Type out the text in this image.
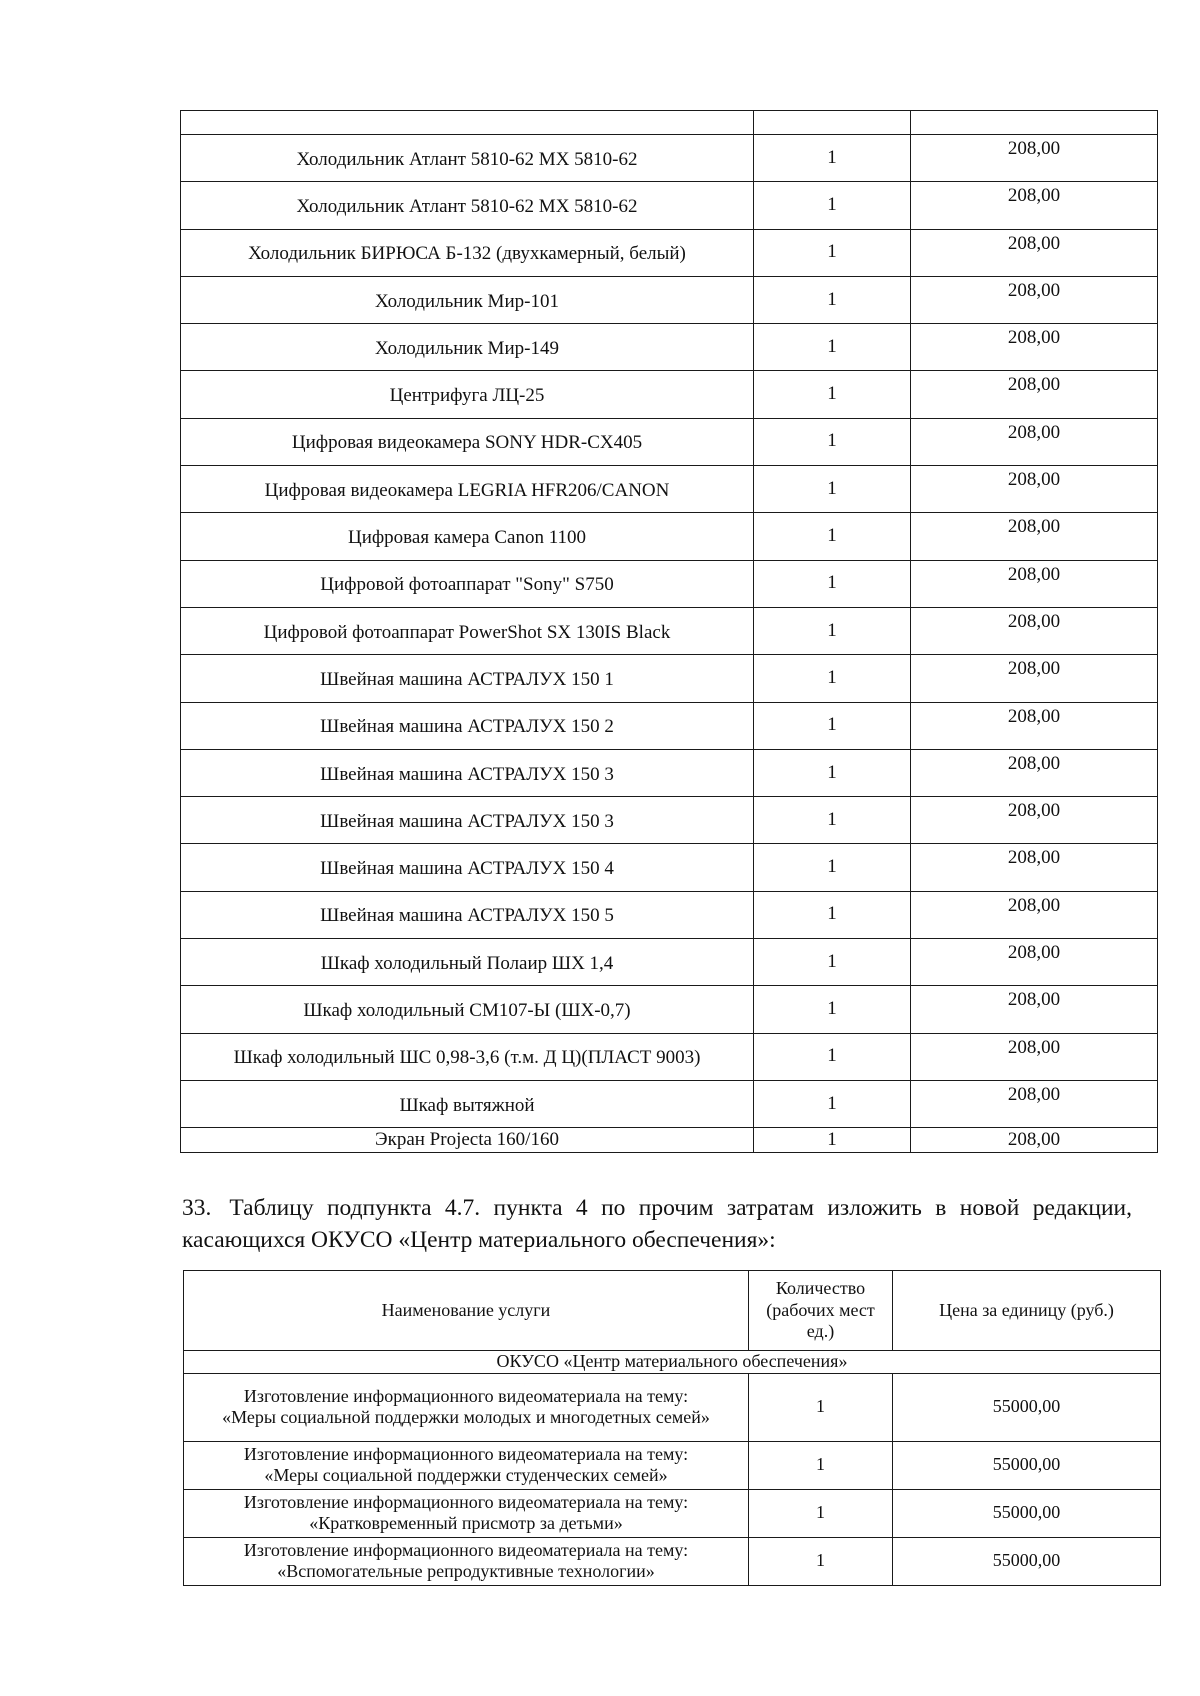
Холодильник Атлант 5810-62 МХ 5810-62	1	208,00
Холодильник Атлант 5810-62 МХ 5810-62	1	208,00
Холодильник БИРЮСА Б-132 (двухкамерный, белый)	1	208,00
Холодильник Мир-101	1	208,00
Холодильник Мир-149	1	208,00
Центрифуга ЛЦ-25	1	208,00
Цифровая видеокамера SONY HDR-CX405	1	208,00
Цифровая видеокамера LEGRIA HFR206/CANON	1	208,00
Цифровая камера Canon 1100	1	208,00
Цифровой фотоаппарат "Sony" S750	1	208,00
Цифровой фотоаппарат PowerShot SX 130IS Black	1	208,00
Швейная машина АСТРАЛУХ 150 1	1	208,00
Швейная машина АСТРАЛУХ 150 2	1	208,00
Швейная машина АСТРАЛУХ 150 3	1	208,00
Швейная машина АСТРАЛУХ 150 3	1	208,00
Швейная машина АСТРАЛУХ 150 4	1	208,00
Швейная машина АСТРАЛУХ 150 5	1	208,00
Шкаф холодильный Полаир ШХ 1,4	1	208,00
Шкаф холодильный СМ107-Ы (ШХ-0,7)	1	208,00
Шкаф холодильный ШС 0,98-3,6 (т.м. Д Ц)(ПЛАСТ 9003)	1	208,00
Шкаф вытяжной	1	208,00
Экран Projecta 160/160	1	208,00
33. Таблицу подпункта 4.7. пункта 4 по прочим затратам изложить в новой редакции, касающихся ОКУСО «Центр материального обеспечения»:
Наименование услуги	Количество (рабочих мест ед.)	Цена за единицу (руб.)
ОКУСО «Центр материального обеспечения»		

Изготовление информационного видеоматериала на тему:
«Меры социальной поддержки молодых и многодетных семей»	1	55000,00

Изготовление информационного видеоматериала на тему:
«Меры социальной поддержки студенческих семей»	1	55000,00

Изготовление информационного видеоматериала на тему:
«Кратковременный присмотр за детьми»	1	55000,00

Изготовление информационного видеоматериала на тему:
«Вспомогательные репродуктивные технологии»	1	55000,00
